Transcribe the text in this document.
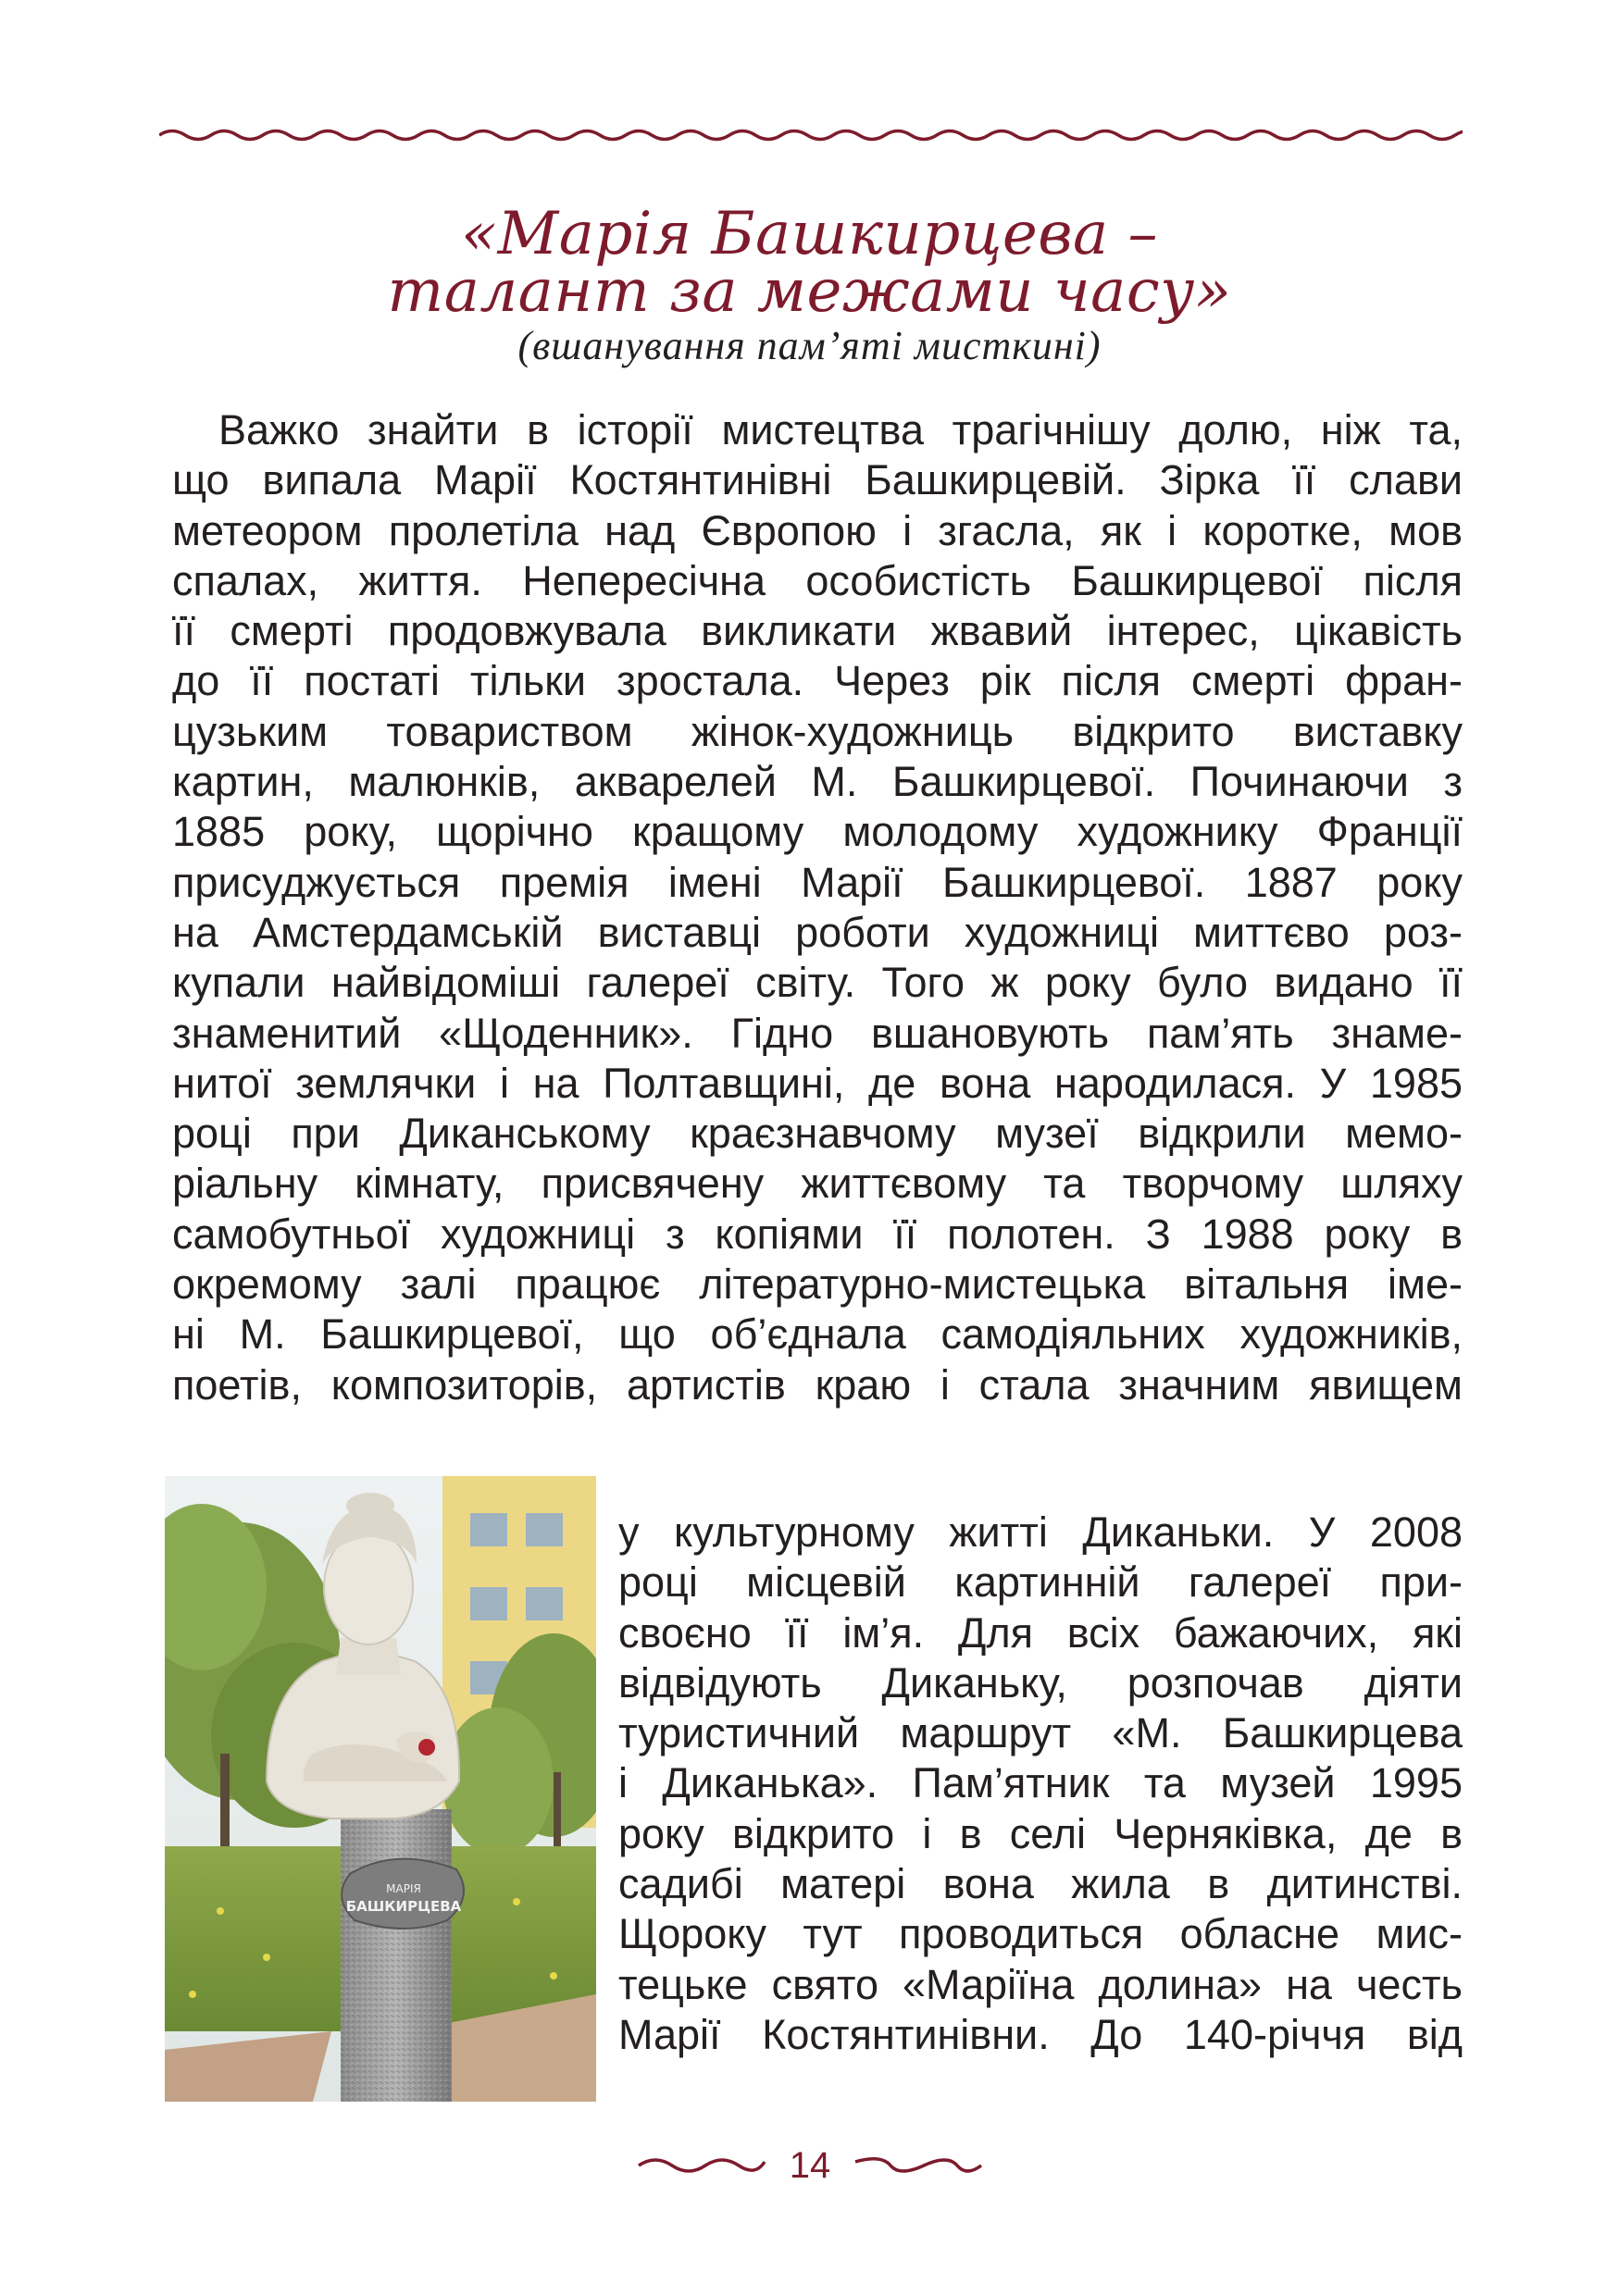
«Марія Башкирцева –
талант за межами часу»
(вшанування пам’яті мисткині)
Важко знайти в історії мистецтва трагічнішу долю, ніж та,
що випала Марії Костянтинівні Башкирцевій. Зірка її слави
метеором пролетіла над Європою і згасла, як і коротке, мов
спалах, життя. Непересічна особистість Башкирцевої після
її смерті продовжувала викликати жвавий інтерес, цікавість
до її постаті тільки зростала. Через рік після смерті фран-
цузьким товариством жінок-художниць відкрито виставку
картин, малюнків, акварелей М. Башкирцевої. Починаючи з
1885 року, щорічно кращому молодому художнику Франції
присуджується премія імені Марії Башкирцевої. 1887 року
на Амстердамській виставці роботи художниці миттєво роз-
купали найвідоміші галереї світу. Того ж року було видано її
знаменитий «Щоденник». Гідно вшановують пам’ять знаме-
нитої землячки і на Полтавщині, де вона народилася. У 1985
році при Диканському краєзнавчому музеї відкрили мемо-
ріальну кімнату, присвячену життєвому та творчому шляху
самобутньої художниці з копіями її полотен. З 1988 року в
окремому залі працює літературно-мистецька вітальня іме-
ні М. Башкирцевої, що об’єднала самодіяльних художників,
поетів, композиторів, артистів краю і стала значним явищем
МАРІЯ
БАШКИРЦЕВА
у культурному житті Диканьки. У 2008
році місцевій картинній галереї при-
своєно її ім’я. Для всіх бажаючих, які
відвідують Диканьку, розпочав діяти
туристичний маршрут «М. Башкирцева
і Диканька». Пам’ятник та музей 1995
року відкрито і в селі Черняківка, де в
садибі матері вона жила в дитинстві.
Щороку тут проводиться обласне мис-
тецьке свято «Маріїна долина» на честь
Марії Костянтинівни. До 140-річчя від
14
